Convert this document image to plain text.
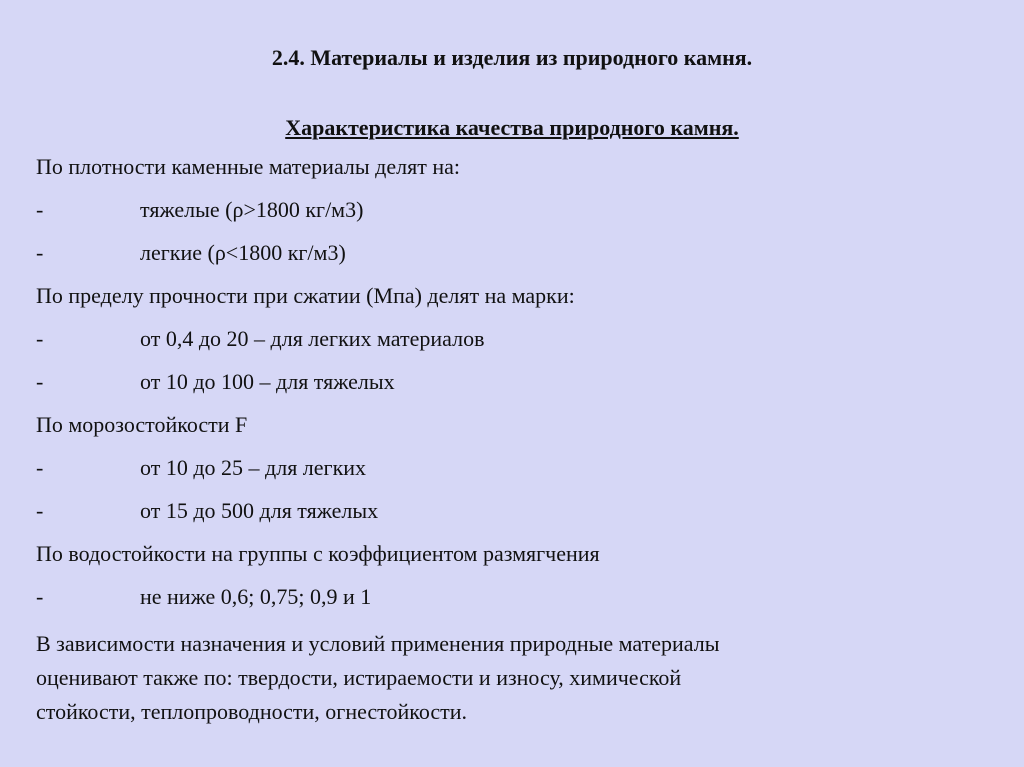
2.4. Материалы и изделия из природного камня.
Характеристика качества природного камня.
По плотности каменные материалы делят на:
-	тяжелые (ρ>1800 кг/м3)
-	легкие (ρ<1800 кг/м3)
По пределу прочности при сжатии (Мпа) делят на марки:
-	от 0,4 до 20 – для легких материалов
-	от 10 до 100 – для тяжелых
По морозостойкости F
-	от 10 до 25 – для легких
-	от 15 до 500 для тяжелых
По водостойкости на группы с коэффициентом размягчения
-	не ниже 0,6; 0,75; 0,9 и 1
В зависимости назначения и условий применения природные материалы
оценивают также по: твердости, истираемости и износу, химической
стойкости, теплопроводности, огнестойкости.
